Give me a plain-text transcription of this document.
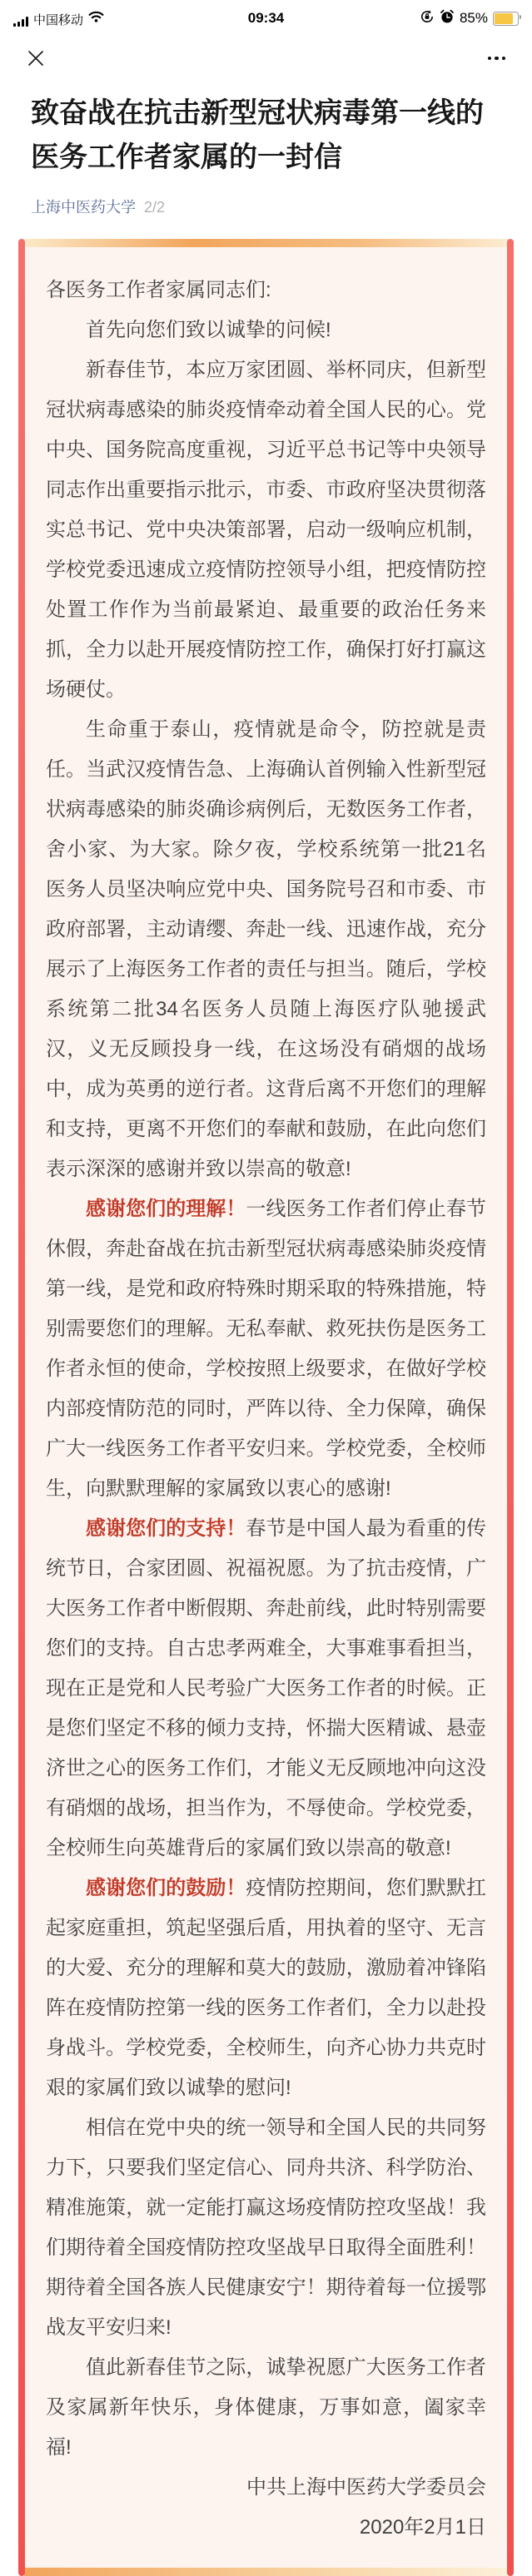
中国移动	09:34	85%
致奋战在抗击新型冠状病毒第一线的医务工作者家属的一封信
上海中医药大学 2/2

各医务工作者家属同志们:

首先向您们致以诚挚的问候!

新春佳节，本应万家团圆、举杯同庆，但新型冠状病毒感染的肺炎疫情牵动着全国人民的心。党中央、国务院高度重视，习近平总书记等中央领导同志作出重要指示批示，市委、市政府坚决贯彻落实总书记、党中央决策部署，启动一级响应机制，学校党委迅速成立疫情防控领导小组，把疫情防控处置工作作为当前最紧迫、最重要的政治任务来抓，全力以赴开展疫情防控工作，确保打好打赢这场硬仗。

生命重于泰山，疫情就是命令，防控就是责任。当武汉疫情告急、上海确认首例输入性新型冠状病毒感染的肺炎确诊病例后，无数医务工作者，舍小家、为大家。除夕夜，学校系统第一批21名医务人员坚决响应党中央、国务院号召和市委、市政府部署，主动请缨、奔赴一线、迅速作战，充分展示了上海医务工作者的责任与担当。随后，学校系统第二批34名医务人员随上海医疗队驰援武汉，义无反顾投身一线，在这场没有硝烟的战场中，成为英勇的逆行者。这背后离不开您们的理解和支持，更离不开您们的奉献和鼓励，在此向您们表示深深的感谢并致以崇高的敬意!

感谢您们的理解！一线医务工作者们停止春节休假，奔赴奋战在抗击新型冠状病毒感染肺炎疫情第一线，是党和政府特殊时期采取的特殊措施，特别需要您们的理解。无私奉献、救死扶伤是医务工作者永恒的使命，学校按照上级要求，在做好学校内部疫情防范的同时，严阵以待、全力保障，确保广大一线医务工作者平安归来。学校党委，全校师生，向默默理解的家属致以衷心的感谢!

感谢您们的支持！春节是中国人最为看重的传统节日，合家团圆、祝福祝愿。为了抗击疫情，广大医务工作者中断假期、奔赴前线，此时特别需要您们的支持。自古忠孝两难全，大事难事看担当，现在正是党和人民考验广大医务工作者的时候。正是您们坚定不移的倾力支持，怀揣大医精诚、悬壶济世之心的医务工作们，才能义无反顾地冲向这没有硝烟的战场，担当作为，不辱使命。学校党委，全校师生向英雄背后的家属们致以崇高的敬意!

感谢您们的鼓励！疫情防控期间，您们默默扛起家庭重担，筑起坚强后盾，用执着的坚守、无言的大爱、充分的理解和莫大的鼓励，激励着冲锋陷阵在疫情防控第一线的医务工作者们，全力以赴投身战斗。学校党委，全校师生，向齐心协力共克时艰的家属们致以诚挚的慰问!

相信在党中央的统一领导和全国人民的共同努力下，只要我们坚定信心、同舟共济、科学防治、精准施策，就一定能打赢这场疫情防控攻坚战！我们期待着全国疫情防控攻坚战早日取得全面胜利！期待着全国各族人民健康安宁！期待着每一位援鄂战友平安归来!

值此新春佳节之际，诚挚祝愿广大医务工作者及家属新年快乐，身体健康，万事如意，阖家幸福!

中共上海中医药大学委员会

2020年2月1日
